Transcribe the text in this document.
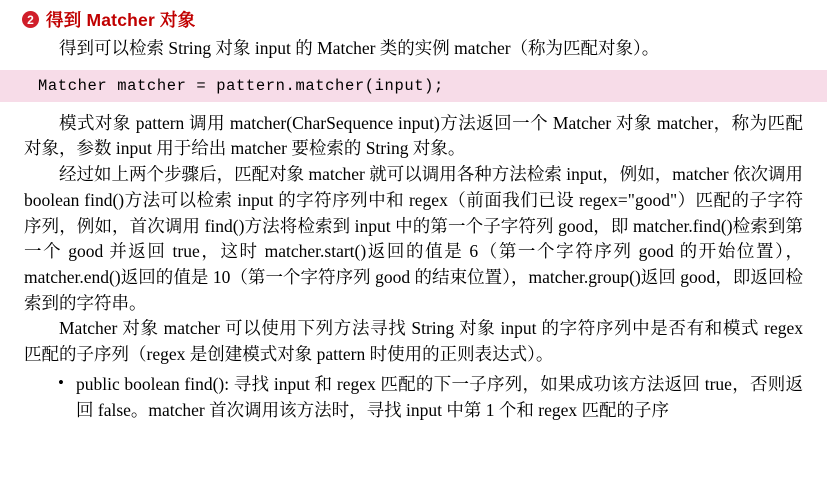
2 得到 Matcher 对象

得到可以检索 String 对象 input 的 Matcher 类的实例 matcher（称为匹配对象）。

Matcher matcher = pattern.matcher(input);

模式对象 pattern 调用 matcher(CharSequence input)方法返回一个 Matcher 对象 matcher，称为匹配对象，参数 input 用于给出 matcher 要检索的 String 对象。

经过如上两个步骤后，匹配对象 matcher 就可以调用各种方法检索 input，例如，matcher 依次调用 boolean find()方法可以检索 input 的字符序列中和 regex（前面我们已设 regex="good"）匹配的子字符序列，例如，首次调用 find()方法将检索到 input 中的第一个子字符列 good，即 matcher.find()检索到第一个 good 并返回 true，这时 matcher.start()返回的值是 6（第一个字符序列 good 的开始位置），matcher.end()返回的值是 10（第一个字符序列 good 的结束位置），matcher.group()返回 good，即返回检索到的字符串。

Matcher 对象 matcher 可以使用下列方法寻找 String 对象 input 的字符序列中是否有和模式 regex 匹配的子序列（regex 是创建模式对象 pattern 时使用的正则表达式）。

• public boolean find(): 寻找 input 和 regex 匹配的下一子序列，如果成功该方法返回 true，否则返回 false。matcher 首次调用该方法时，寻找 input 中第 1 个和 regex 匹配的子序
